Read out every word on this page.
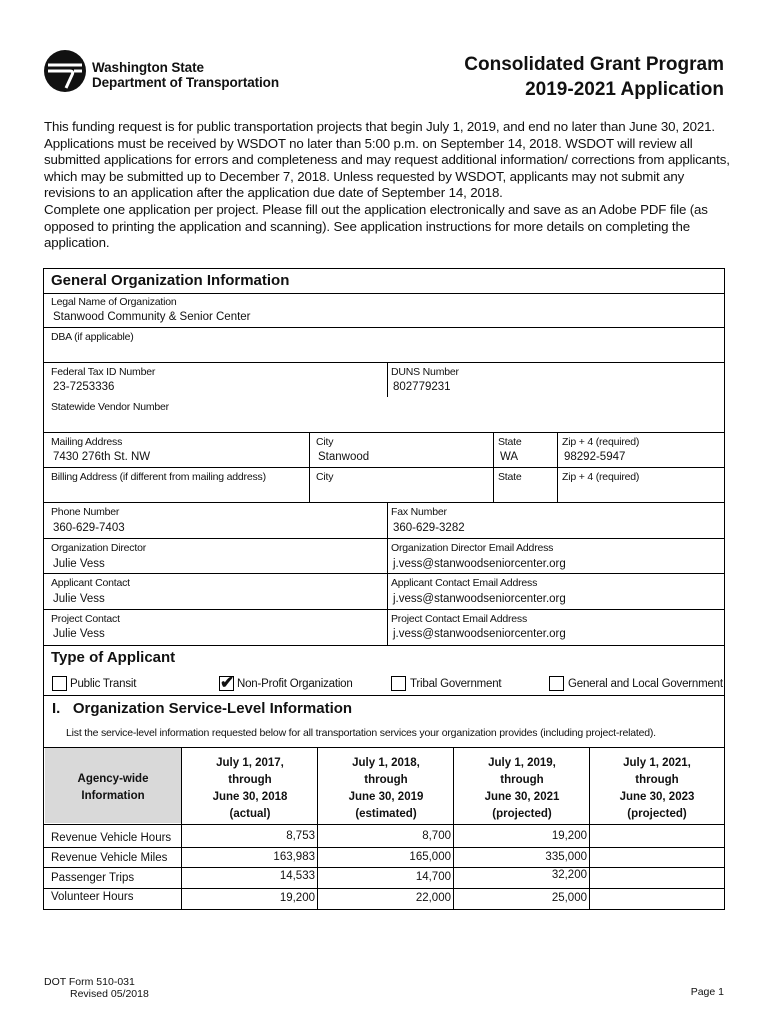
Washington State
Department of Transportation
Consolidated Grant Program
2019-2021 Application
This funding request is for public transportation projects that begin July 1, 2019, and end no later than June 30, 2021. Applications must be received by WSDOT no later than 5:00 p.m. on September 14, 2018. WSDOT will review all submitted applications for errors and completeness and may request additional information/ corrections from applicants, which may be submitted up to December 7, 2018. Unless requested by WSDOT, applicants may not submit any revisions to an application after the application due date of September 14, 2018.
Complete one application per project. Please fill out the application electronically and save as an Adobe PDF file (as opposed to printing the application and scanning). See application instructions for more details on completing the application.
General Organization Information
Legal Name of Organization
Stanwood Community & Senior Center
DBA (if applicable)
Federal Tax ID Number
23-7253336
DUNS Number
802779231
Statewide Vendor Number
Mailing Address
7430 276th St. NW
City
Stanwood
State
WA
Zip + 4 (required)
98292-5947
Billing Address (if different from mailing address)	City	State	Zip + 4 (required)
Phone Number
360-629-7403
Fax Number
360-629-3282
Organization Director
Julie Vess
Organization Director Email Address
j.vess@stanwoodseniorcenter.org
Applicant Contact
Julie Vess
Applicant Contact Email Address
j.vess@stanwoodseniorcenter.org
Project Contact
Julie Vess
Project Contact Email Address
j.vess@stanwoodseniorcenter.org
Type of Applicant
Public Transit	✔ Non-Profit Organization	Tribal Government	General and Local Government
I.   Organization Service-Level Information
List the service-level information requested below for all transportation services your organization provides (including project-related).
Agency-wide Information
July 1, 2017,
through
June 30, 2018
(actual)
July 1, 2018,
through
June 30, 2019
(estimated)
July 1, 2019,
through
June 30, 2021
(projected)
July 1, 2021,
through
June 30, 2023
(projected)
Revenue Vehicle Hours	8,753	8,700	19,200
Revenue Vehicle Miles	163,983	165,000	335,000
Passenger Trips	14,533	14,700	32,200
Volunteer Hours	19,200	22,000	25,000
DOT Form 510-031
Revised 05/2018	Page 1
